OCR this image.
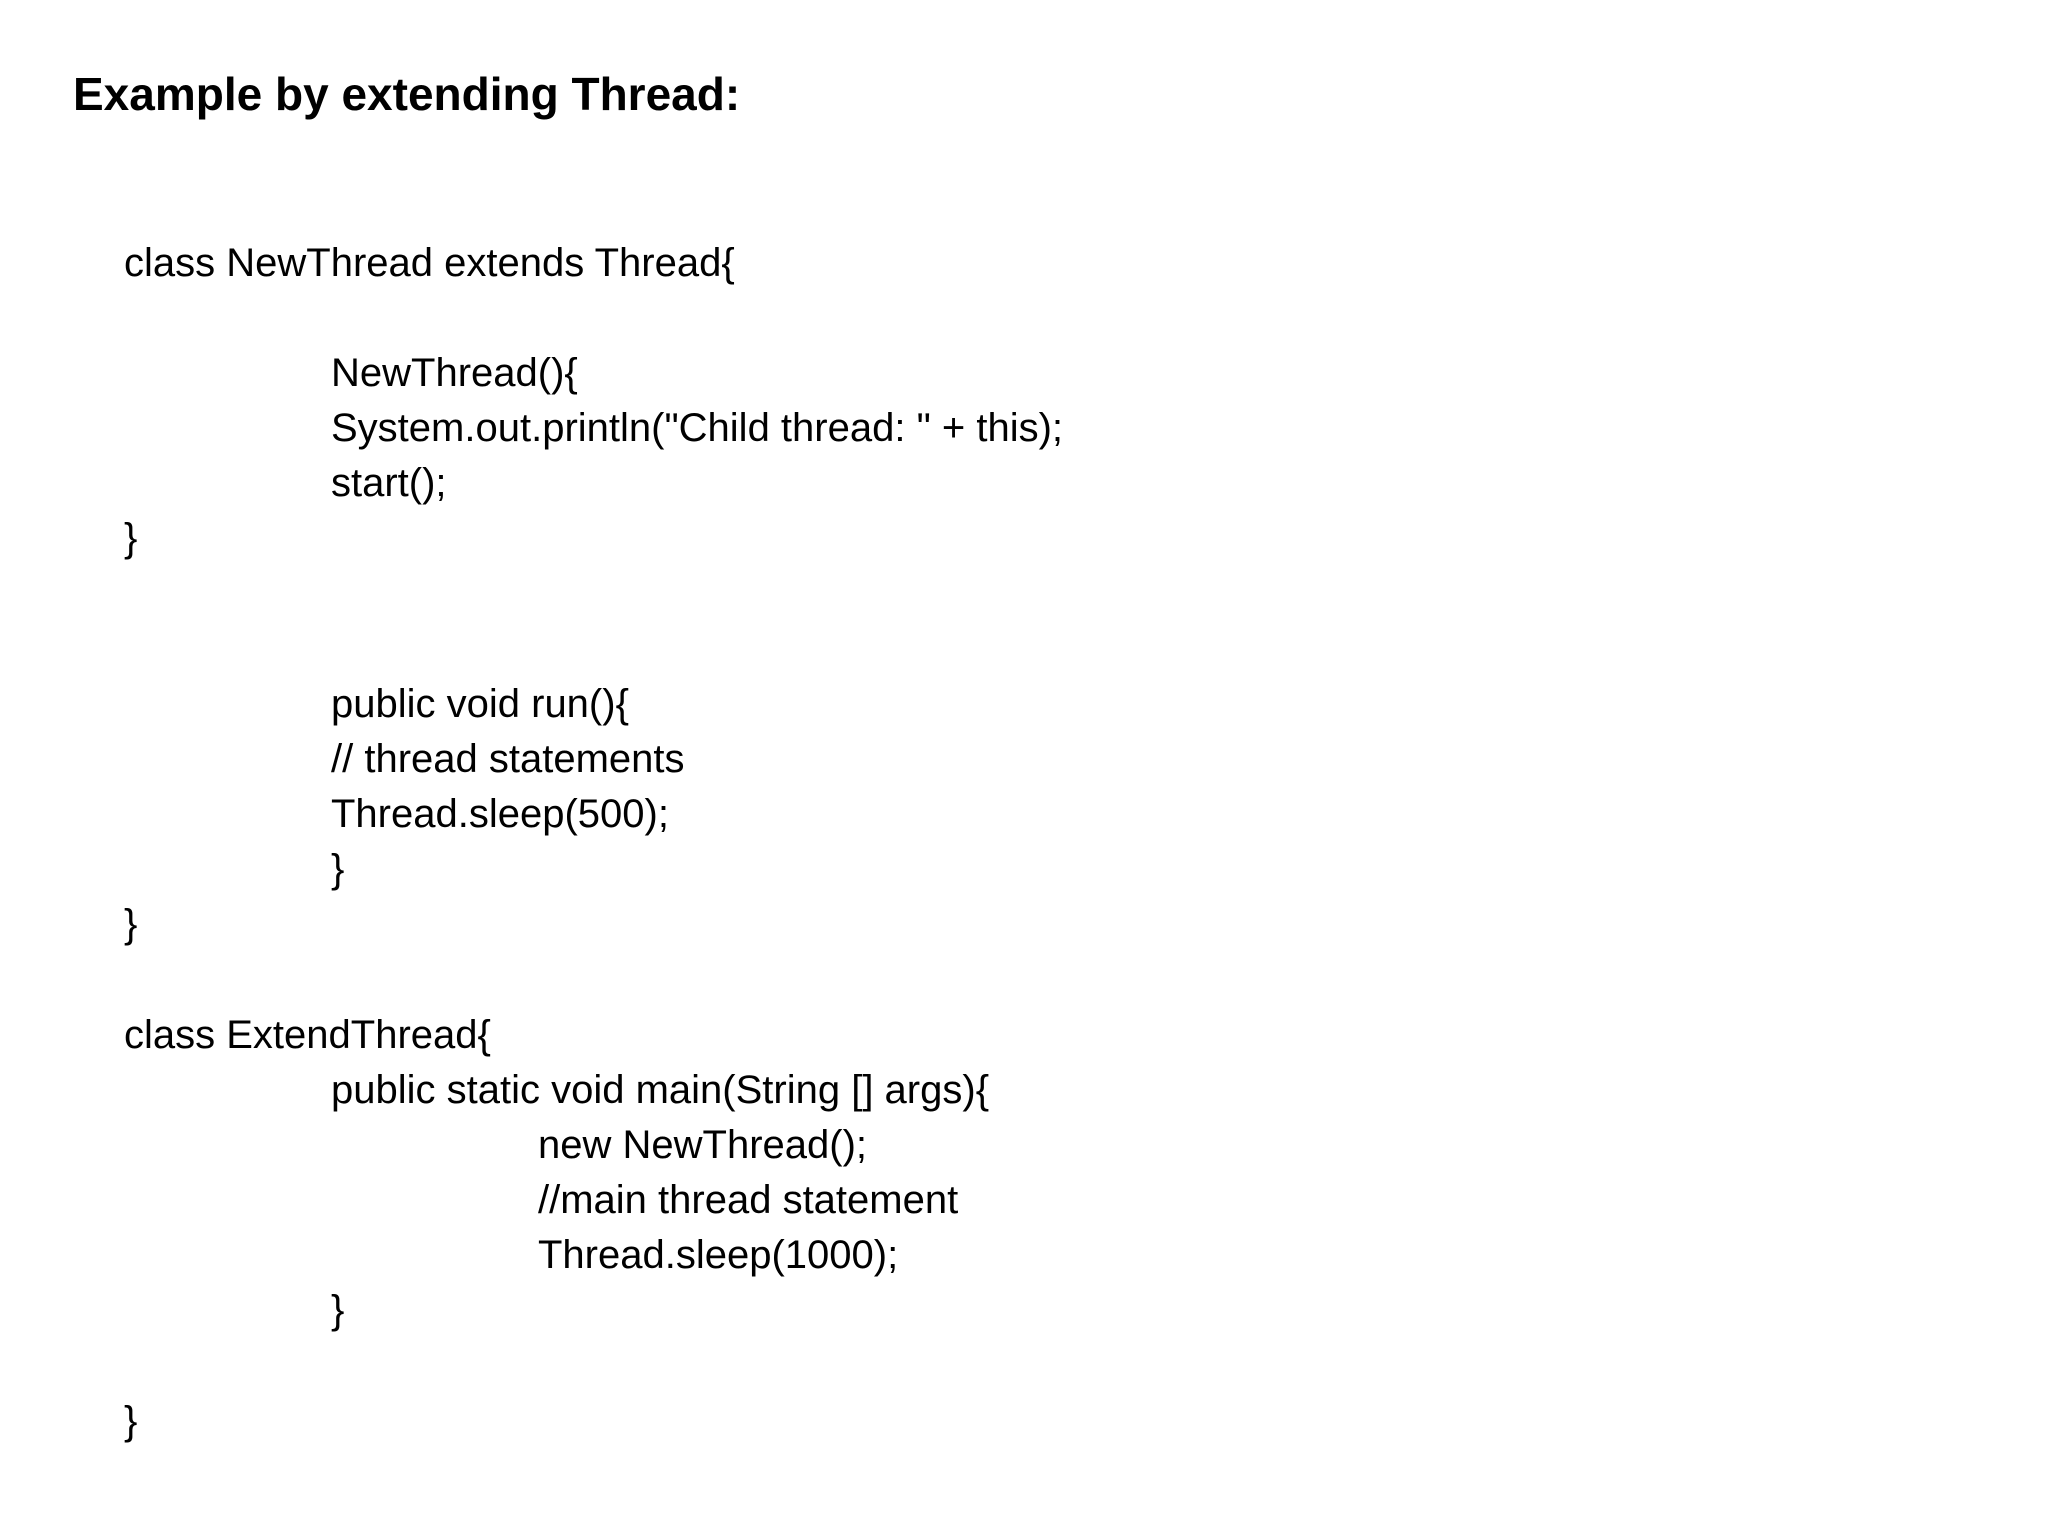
Example by extending Thread:

class NewThread extends Thread{

NewThread(){

System.out.println("Child thread: " + this);

start();

}

public void run(){

// thread statements

Thread.sleep(500);

}

}

class ExtendThread{

public static void main(String [] args){

new NewThread();

//main thread statement

Thread.sleep(1000);

}

}
